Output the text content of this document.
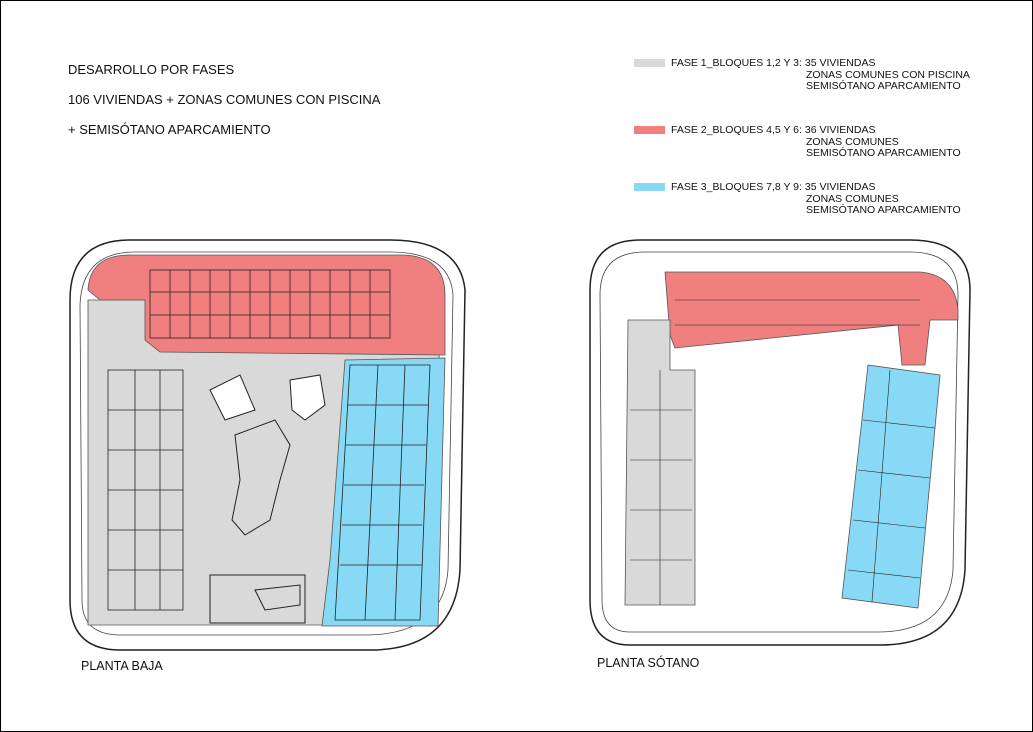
DESARROLLO POR FASES
106 VIVIENDAS + ZONAS COMUNES CON PISCINA
+ SEMISÓTANO APARCAMIENTO
FASE 1_BLOQUES 1,2 Y 3: 35 VIVIENDAS
ZONAS COMUNES CON PISCINA
SEMISÓTANO APARCAMIENTO
FASE 2_BLOQUES 4,5 Y 6: 36 VIVIENDAS
ZONAS COMUNES
SEMISÓTANO APARCAMIENTO
FASE 3_BLOQUES 7,8 Y 9: 35 VIVIENDAS
ZONAS COMUNES
SEMISÓTANO APARCAMIENTO
PLANTA BAJA	PLANTA SÓTANO
